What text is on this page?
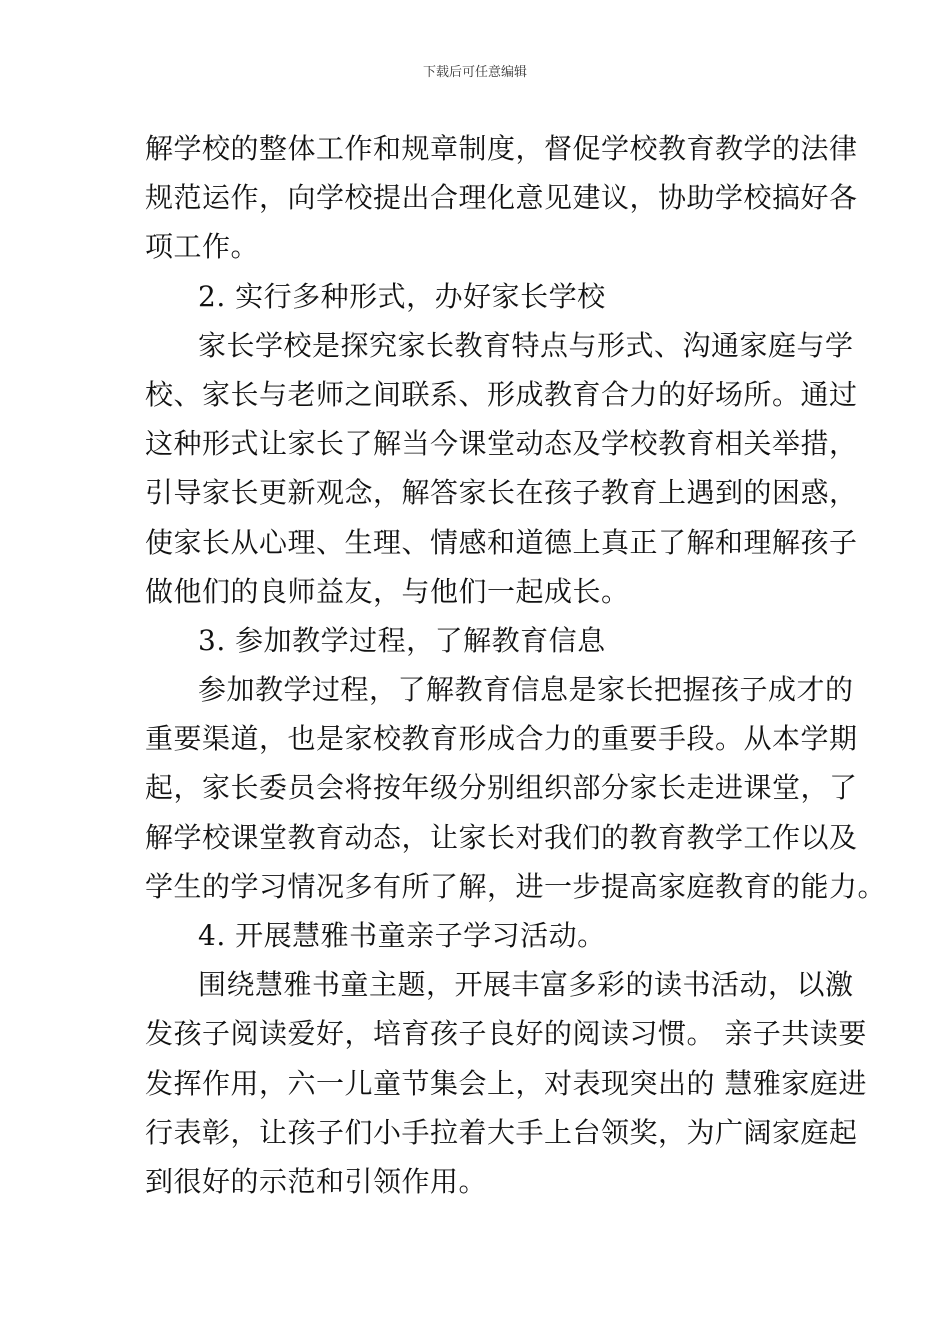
下载后可任意编辑
解学校的整体工作和规章制度，督促学校教育教学的法律
规范运作，向学校提出合理化意见建议，协助学校搞好各
项工作。
2. 实行多种形式，办好家长学校
家长学校是探究家长教育特点与形式、沟通家庭与学
校、家长与老师之间联系、形成教育合力的好场所。通过
这种形式让家长了解当今课堂动态及学校教育相关举措，
引导家长更新观念，解答家长在孩子教育上遇到的困惑，
使家长从心理、生理、情感和道德上真正了解和理解孩子
做他们的良师益友，与他们一起成长。
3. 参加教学过程，了解教育信息
参加教学过程，了解教育信息是家长把握孩子成才的
重要渠道，也是家校教育形成合力的重要手段。从本学期
起，家长委员会将按年级分别组织部分家长走进课堂，了
解学校课堂教育动态，让家长对我们的教育教学工作以及
学生的学习情况多有所了解，进一步提高家庭教育的能力。
4. 开展慧雅书童亲子学习活动。
围绕慧雅书童主题，开展丰富多彩的读书活动，以激
发孩子阅读爱好，培育孩子良好的阅读习惯。 亲子共读要
发挥作用，六一儿童节集会上，对表现突出的 慧雅家庭进
行表彰，让孩子们小手拉着大手上台领奖，为广阔家庭起
到很好的示范和引领作用。
